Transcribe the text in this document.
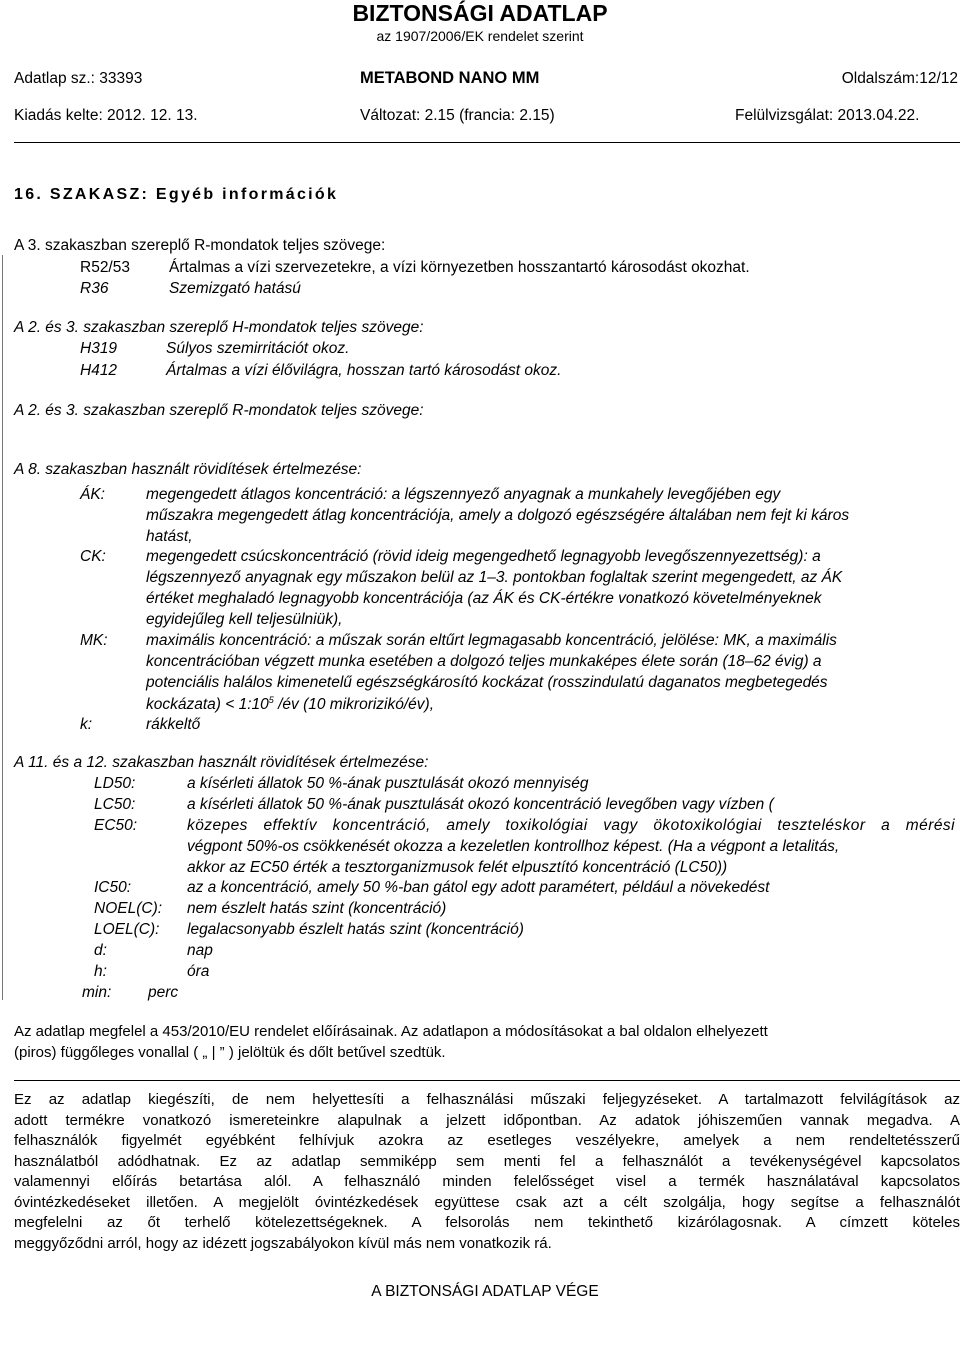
BIZTONSÁGI ADATLAP
az 1907/2006/EK rendelet szerint
Adatlap sz.: 33393	METABOND NANO MM	Oldalszám:12/12
Kiadás kelte: 2012. 12. 13.	Változat: 2.15 (francia: 2.15)	Felülvizsgálat: 2013.04.22.
16. SZAKASZ: Egyéb információk
A 3. szakaszban szereplő R-mondatok teljes szövege:
R52/53	Ártalmas a vízi szervezetekre, a vízi környezetben hosszantartó károsodást okozhat.
R36	Szemizgató hatású
A 2. és 3. szakaszban szereplő H-mondatok teljes szövege:
H319	Súlyos szemirritációt okoz.
H412	Ártalmas a vízi élővilágra, hosszan tartó károsodást okoz.
A 2. és 3. szakaszban szereplő R-mondatok teljes szövege:
A 8. szakaszban használt rövidítések értelmezése:
ÁK:	megengedett átlagos koncentráció: a légszennyező anyagnak a munkahely levegőjében egy
műszakra megengedett átlag koncentrációja, amely a dolgozó egészségére általában nem fejt ki káros
hatást,
CK:	megengedett csúcskoncentráció (rövid ideig megengedhető legnagyobb levegőszennyezettség): a
légszennyező anyagnak egy műszakon belül az 1–3. pontokban foglaltak szerint megengedett, az ÁK
értéket meghaladó legnagyobb koncentrációja (az ÁK és CK-értékre vonatkozó követelményeknek
egyidejűleg kell teljesülniük),
MK: maximális koncentráció: a műszak során eltűrt legmagasabb koncentráció, jelölése: MK, a maximális
koncentrációban végzett munka esetében a dolgozó teljes munkaképes élete során (18–62 évig) a
potenciális halálos kimenetelű egészségkárosító kockázat (rosszindulatú daganatos megbetegedés
kockázata) < $1:10^5$ /év (10 mikrorizikó/év),
k:	rákkeltő
A 11. és a 12. szakaszban használt rövidítések értelmezése:
LD50:	a kísérleti állatok 50 %-ának pusztulását okozó mennyiség
LC50:	a kísérleti állatok 50 %-ának pusztulását okozó koncentráció levegőben vagy vízben (
EC50:	közepes effektív koncentráció, amely toxikológiai vagy ökotoxikológiai teszteléskor a mérési
végpont 50%-os csökkenését okozza a kezeletlen kontrollhoz képest. (Ha a végpont a letalitás,
akkor az EC50 érték a tesztorganizmusok felét elpusztító koncentráció (LC50))
IC50:	az a koncentráció, amely 50 %-ban gátol egy adott paramétert, például a növekedést
NOEL(C): nem észlelt hatás szint (koncentráció)
LOEL(C): legalacsonyabb észlelt hatás szint (koncentráció)
d:	nap
h:	óra
min: perc
Az adatlap megfelel a 453/2010/EU rendelet előírásainak. Az adatlapon a módosításokat a bal oldalon elhelyezett
(piros) függőleges vonallal ( „ | ” ) jelöltük és dőlt betűvel szedtük.
Ez az adatlap kiegészíti, de nem helyettesíti a felhasználási műszaki feljegyzéseket. A tartalmazott felvilágítások az
adott termékre vonatkozó ismereteinkre alapulnak a jelzett időpontban. Az adatok jóhiszeműen vannak megadva. A
felhasználók figyelmét egyébként felhívjuk azokra az esetleges veszélyekre, amelyek a nem rendeltetésszerű
használatból adódhatnak. Ez az adatlap semmiképp sem menti fel a felhasználót a tevékenységével kapcsolatos
valamennyi előírás betartása alól. A felhasználó minden felelősséget visel a termék használatával kapcsolatos
óvintézkedéseket illetően. A megjelölt óvintézkedések együttese csak azt a célt szolgálja, hogy segítse a felhasználót
megfelelni az őt terhelő kötelezettségeknek. A felsorolás nem tekinthető kizárólagosnak. A címzett köteles
meggyőződni arról, hogy az idézett jogszabályokon kívül más nem vonatkozik rá.
A BIZTONSÁGI ADATLAP VÉGE
